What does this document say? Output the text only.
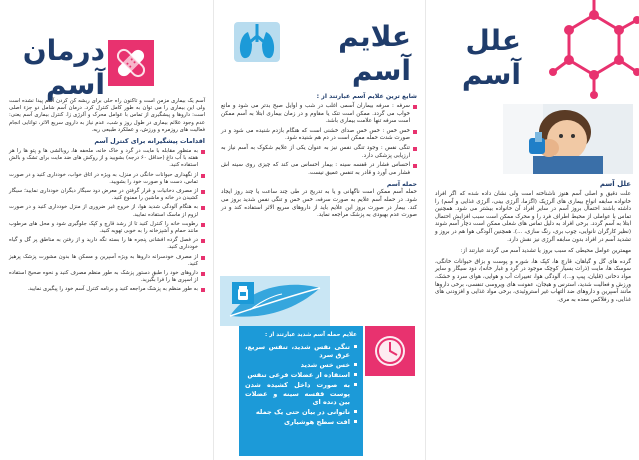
علل
آسم
علل آسم

علت دقیق و اصلی آسم هنوز ناشناخته است ولی نشان داده شده که اگر افراد خانواده سابقه انواع بیماری های آلرژیک (اگزما، آلرژی بینی، آلرژی غذایی و آسم) را داشته باشند احتمال بروز آسم در سایر افراد آن خانواده بیشتر می شود. همچنین تماس با عواملی از محیط اطراف فرد را و محرک ممکن است سبب افزایش احتمال ابتلا به آسم گردد. برخی افراد به دلیل تماس های شغلی ممکن است دچار آسم شوند (نظیر کارگران نانوایی، چوب بری، رنگ سازی، ...). همچنین آلودگی هوا هم در بروز و تشدید آسم در افراد بدون سابقه آلرژی نیز نقش دارد.

مهمترین عوامل محیطی که سبب بروز یا تشدید آسم می گردند عبارتند از:

گرده های گل و گیاهان، قارچ ها، کپک ها، شوره و پوست و بزاق حیوانات خانگی، سوسک ها، مایت (ذرات بسیار کوچک موجود در گرد و غبار خانه)، دود سیگار و سایر مواد دخانی (قلیان، پیپ و...)، آلودگی هوا، تغییرات آب و هوایی، هوای سرد و خشک، ورزش و فعالیت شدید، استرس و هیجان، عفونت های ویروسی تنفسی، برخی داروها مانند آسپرین و داروهای ضد التهاب غیر استروئیدی، برخی مواد غذایی و افزودنی های غذایی، و رفلاکس معده به مری.

علایم
آسم
شایع ترین علایم آسم عبارتند از :
سرفه : سرفه بیماران آسمی اغلب در شب و اوایل صبح بدتر می شود و مانع خواب می گردد. ممکن است تنک یا مقاوم و در زمان بیماری ابتلا به آسم ممکن است سرفه تنها علامت بیماری باشد.
خس خس : خس خس صدای خشنی است که هنگام بازدم شنیده می شود و در صورت شدت حمله ممکن است در دم هم شنیده شود.
تنگی نفس : وجود تنگی نفس نیز به عنوان یکی از علایم شکوک به آسم نیاز به ارزیابی پزشکی دارد.
احساس فشار در قفسه سینه : بیمار احساس می کند که چیزی روی سینه اش فشار می آورد و قادر به تنفس عمیق نیست.
حمله آسم

حمله آسم ممکن است ناگهانی و یا به تدریج در طی چند ساعت یا چند روز ایجاد شود. در حمله آسم علایم به صورت سرفه، خس خس و تنگی نفس شدید بروز می کند. بیمار در صورت بروز این علایم باید از داروهای سریع الاثر استفاده کند و در صورت عدم بهبودی به پزشک مراجعه نماید.

علایم حمله آسم شدید عبارتند از :
تنگی نفس شدید، تنفس سریع، عرق سرد
خس خس شدید
استفاده از عضلات فرعی تنفس
به صورت داخل کشیده شدن پوست قفسه سینه و عضلات بین دنده ای
ناتوانی در بیان حتی یک جمله
افت سطح هوشیاری
درمان
آسم

آسم یک بیماری مزمن است و تاکنون راه حلی برای ریشه کن کردن آسم پیدا نشده است ولی این بیماری را می توان به طور کامل کنترل کرد. درمان آسم شامل دو جزء اصلی است: داروها و پیشگیری از تماس با عوامل محرک و آلرژی زا. کنترل بیماری آسم یعنی: عدم وجود علائم بیماری در طول روز و شب، عدم نیاز به داروی سریع الاثر، توانایی انجام فعالیت های روزمره و ورزش، و عملکرد طبیعی ریه.

اقدامات پیشگیرانه برای کنترل آسم
به منظور مقابله با مایت در گرد و خاک خانه، ملحفه ها، روبالشی ها و پتو ها را هر هفته با آب داغ (حداقل ۶۰ درجه) بشویید و از روکش های ضد مایت برای تشک و بالش استفاده کنید.
از نگهداری حیوانات خانگی در منزل، به ویژه در اتاق خواب، خودداری کنید و در صورت تماس، دست ها و صورت خود را بشویید.
از مصرف دخانیات و قرار گرفتن در معرض دود سیگار دیگران خودداری نمایید؛ سیگار کشیدن در خانه و ماشین را ممنوع کنید.
به هنگام آلودگی شدید هوا، از خروج غیر ضروری از منزل خودداری کنید و در صورت لزوم از ماسک استفاده نمایید.
رطوبت خانه را کنترل کنید تا از رشد قارچ و کپک جلوگیری شود و محل های مرطوب مانند حمام و آشپزخانه را به خوبی تهویه کنید.
در فصل گرده افشانی پنجره ها را بسته نگه دارید و از رفتن به مناطق پر گل و گیاه خودداری کنید.
از مصرف خودسرانه داروها به ویژه آسپرین و مسکن ها بدون مشورت پزشک پرهیز کنید.
داروهای خود را طبق دستور پزشک به طور منظم مصرف کنید و نحوه صحیح استفاده از اسپری ها را فرا بگیرید.
به طور منظم به پزشک مراجعه کنید و برنامه کنترل آسم خود را پیگیری نمایید.
